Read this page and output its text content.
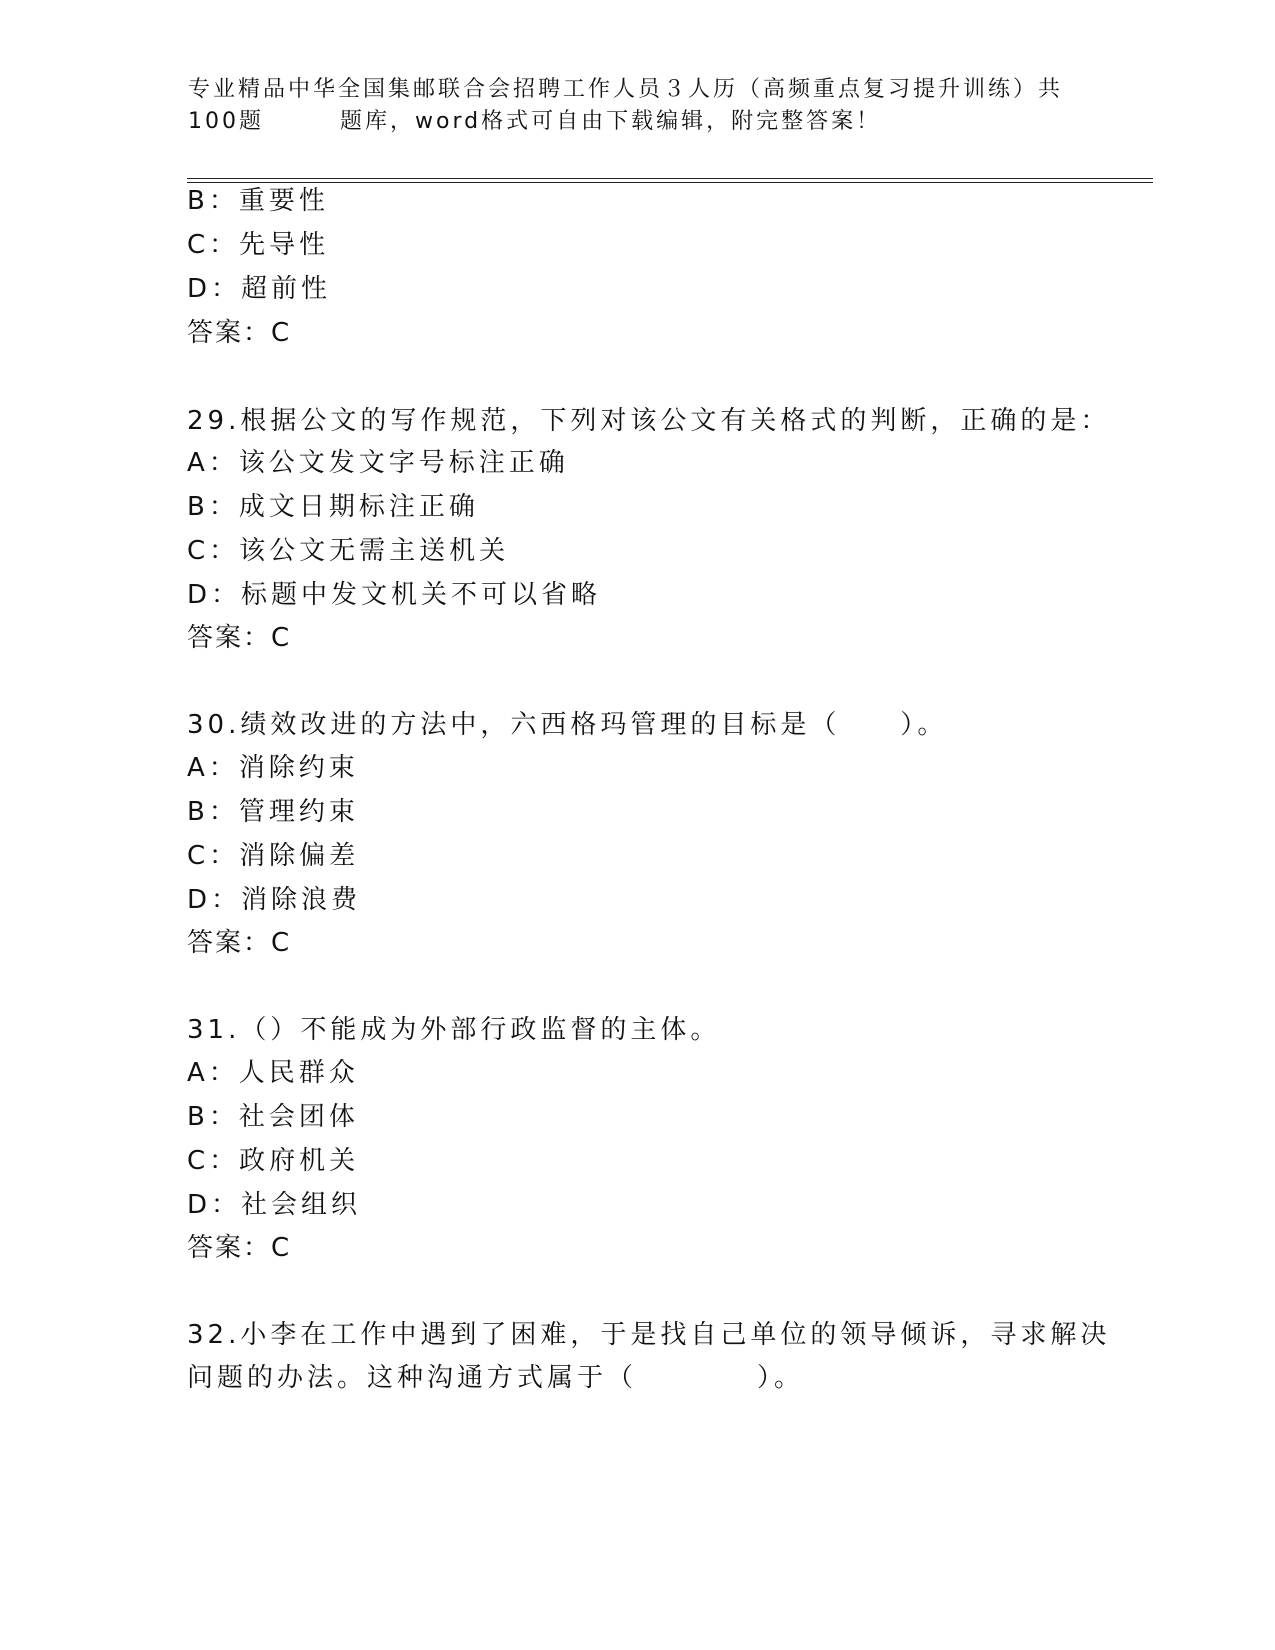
专业精品中华全国集邮联合会招聘工作人员３人历（高频重点复习提升训练）共
100题	题库，word格式可自由下载编辑，附完整答案！
B：重要性
C：先导性
D：超前性
答案：C
29.根据公文的写作规范，下列对该公文有关格式的判断，正确的是：
A：该公文发文字号标注正确
B：成文日期标注正确
C：该公文无需主送机关
D：标题中发文机关不可以省略
答案：C
30.绩效改进的方法中，六西格玛管理的目标是（　　）。
A：消除约束
B：管理约束
C：消除偏差
D：消除浪费
答案：C
31.（）不能成为外部行政监督的主体。
A：人民群众
B：社会团体
C：政府机关
D：社会组织
答案：C
32.小李在工作中遇到了困难，于是找自己单位的领导倾诉，寻求解决
问题的办法。这种沟通方式属于（　　　　）。
